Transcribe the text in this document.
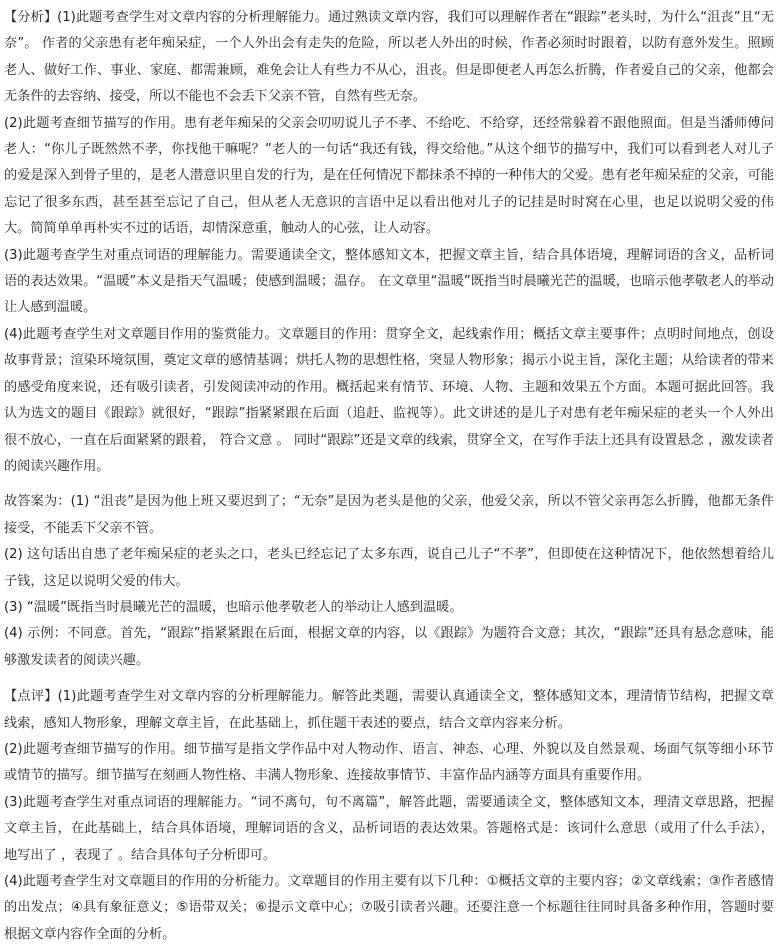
【分析】(1)此题考查学生对文章内容的分析理解能力。通过熟读文章内容，我们可以理解作者在“跟踪”老头时，为什么“沮丧”且“无奈”。 作者的父亲患有老年痴呆症，一个人外出会有走失的危险，所以老人外出的时候，作者必须时时跟着，以防有意外发生。照顾老人、做好工作、事业、家庭、都需兼顾，难免会让人有些力不从心，沮丧。但是即便老人再怎么折腾，作者爱自己的父亲，他都会无条件的去容纳、接受，所以不能也不会丢下父亲不管，自然有些无奈。

(2)此题考查细节描写的作用。患有老年痴呆的父亲会叨叨说儿子不孝、不给吃、不给穿，还经常躲着不跟他照面。但是当潘师傅问老人：“你儿子既然然不孝，你找他干嘛呢？”老人的一句话“我还有钱，得交给他。”从这个细节的描写中，我们可以看到老人对儿子的爱是深入到骨子里的，是老人潜意识里自发的行为，是在任何情况下都抹杀不掉的一种伟大的父爱。患有老年痴呆症的父亲，可能忘记了很多东西，甚至甚至忘记了自己，但从老人无意识的言语中足以看出他对儿子的记挂是时时窝在心里，也足以说明父爱的伟大。简简单单再朴实不过的话语，却情深意重，触动人的心弦，让人动容。

(3)此题考查学生对重点词语的理解能力。需要通读全文，整体感知文本，把握文章主旨，结合具体语境，理解词语的含义，品析词语的表达效果。“温暖”本义是指天气温暖；使感到温暖；温存。 在文章里“温暖”既指当时晨曦光芒的温暖，也暗示他孝敬老人的举动让人感到温暖。

(4)此题考查学生对文章题目作用的鉴赏能力。文章题目的作用：贯穿全文，起线索作用；概括文章主要事件；点明时间地点，创设故事背景；渲染环境氛围，奠定文章的感情基调；烘托人物的思想性格，突显人物形象；揭示小说主旨，深化主题；从给读者的带来的感受角度来说，还有吸引读者，引发阅读冲动的作用。概括起来有情节、环境、人物、主题和效果五个方面。本题可据此回答。我认为选文的题目《跟踪》就很好，“跟踪”指紧紧跟在后面（追赶、监视等）。此文讲述的是儿子对患有老年痴呆症的老头一个人外出很不放心，一直在后面紧紧的跟着， 符合文意 。 同时“跟踪”还是文章的线索，贯穿全文，在写作手法上还具有设置悬念 ，激发读者的阅读兴趣作用。

故答案为：(1) “沮丧”是因为他上班又要迟到了；“无奈”是因为老头是他的父亲，他爱父亲，所以不管父亲再怎么折腾，他都无条件接受，不能丢下父亲不管。

(2) 这句话出自患了老年痴呆症的老头之口，老头已经忘记了太多东西，说自己儿子“不孝”，但即使在这种情况下，他依然想着给儿子钱，这足以说明父爱的伟大。

(3) “温暖”既指当时晨曦光芒的温暖，也暗示他孝敬老人的举动让人感到温暖。

(4) 示例：不同意。首先，“跟踪”指紧紧跟在后面，根据文章的内容，以《跟踪》为题符合文意；其次，“跟踪”还具有悬念意味，能够激发读者的阅读兴趣。

【点评】(1)此题考查学生对文章内容的分析理解能力。解答此类题，需要认真通读全文，整体感知文本，理清情节结构，把握文章线索，感知人物形象，理解文章主旨，在此基础上，抓住题干表述的要点，结合文章内容来分析。

(2)此题考查细节描写的作用。细节描写是指文学作品中对人物动作、语言、神态、心理、外貌以及自然景观、场面气氛等细小环节或情节的描写。细节描写在刻画人物性格、丰满人物形象、连接故事情节、丰富作品内涵等方面具有重要作用。

(3)此题考查学生对重点词语的理解能力。“词不离句，句不离篇”，解答此题，需要通读全文，整体感知文本，理清文章思路，把握文章主旨，在此基础上，结合具体语境，理解词语的含义，品析词语的表达效果。答题格式是：该词什么意思（或用了什么手法）， 地写出了 ，表现了 。结合具体句子分析即可。

(4)此题考查学生对文章题目的作用的分析能力。文章题目的作用主要有以下几种：①概括文章的主要内容；②文章线索；③作者感情的出发点；④具有象征意义；⑤语带双关；⑥提示文章中心；⑦吸引读者兴趣。还要注意一个标题往往同时具备多种作用，答题时要根据文章内容作全面的分析。
